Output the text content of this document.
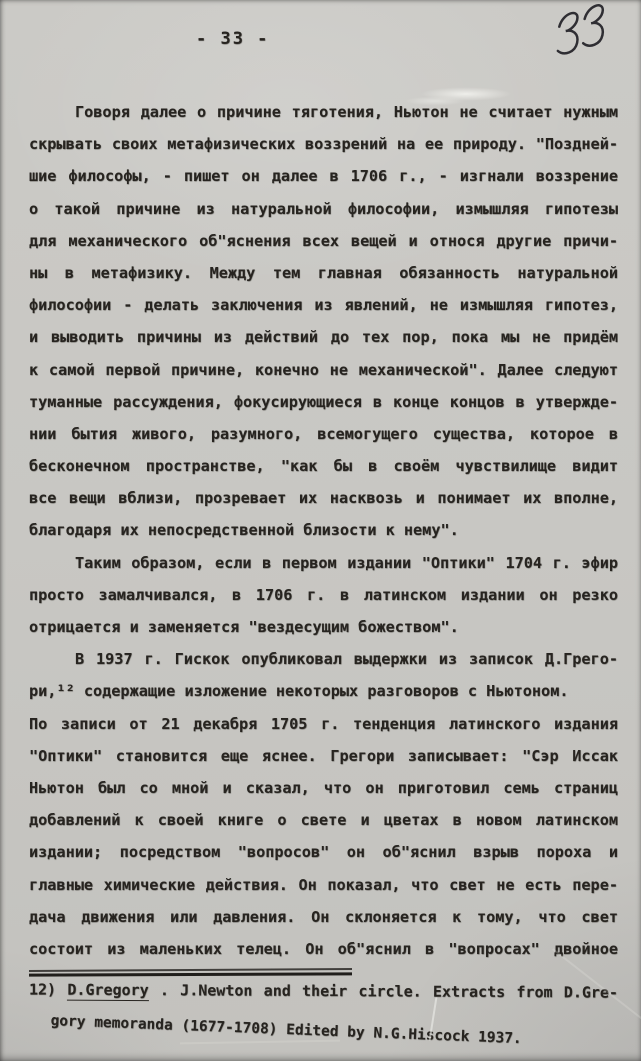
- 33 -
Говоря далее о причине тяготения, Ньютон не считает нужным
скрывать своих метафизических воззрений на ее природу. "Поздней-
шие философы, - пишет он далее в 1706 г., - изгнали воззрение
о такой причине из натуральной философии, измышляя гипотезы
для механического об"яснения всех вещей и относя другие причи-
ны в метафизику. Между тем главная обязанность натуральной
философии - делать заключения из явлений, не измышляя гипотез,
и выводить причины из действий до тех пор, пока мы не придём
к самой первой причине, конечно не механической". Далее следуют
туманные рассуждения, фокусирующиеся в конце концов в утвержде-
нии бытия живого, разумного, всемогущего существа, которое в
бесконечном пространстве, "как бы в своём чувствилище видит
все вещи вблизи, прозревает их насквозь и понимает их вполне,
благодаря их непосредственной близости к нему".
Таким образом, если в первом издании "Оптики" 1704 г. эфир
просто замалчивался, в 1706 г. в латинском издании он резко
отрицается и заменяется "вездесущим божеством".
В 1937 г. Гискок опубликовал выдержки из записок Д.Грего-
ри,¹² содержащие изложение некоторых разговоров с Ньютоном.
По записи от 21 декабря 1705 г. тенденция латинского издания
"Оптики" становится еще яснее. Грегори записывает: "Сэр Иссак
Ньютон был со мной и сказал, что он приготовил семь страниц
добавлений к своей книге о свете и цветах в новом латинском
издании; посредством "вопросов" он об"яснил взрыв пороха и
главные химические действия. Он показал, что свет не есть пере-
дача движения или давления. Он склоняется к тому, что свет
состоит из маленьких телец. Он об"яснил в "вопросах" двойное
12) D.Gregory . J.Newton and their circle. Extracts from D.Gre-
gory memoranda (1677-1708) Edited by N.G.Hiscock 1937.
